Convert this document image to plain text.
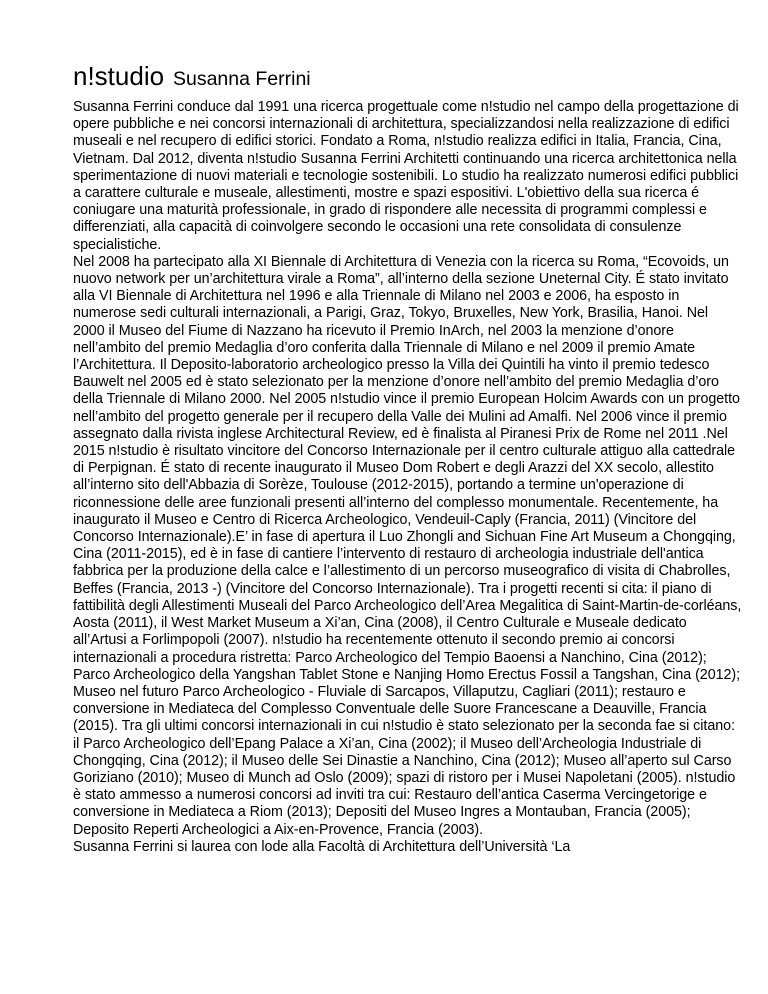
n!studio Susanna Ferrini

Susanna Ferrini conduce dal 1991 una ricerca progettuale come n!studio nel campo della progettazione di opere pubbliche e nei concorsi internazionali di architettura, specializzandosi nella realizzazione di edifici museali e nel recupero di edifici storici. Fondato a Roma, n!studio realizza edifici in Italia, Francia, Cina, Vietnam. Dal 2012, diventa n!studio Susanna Ferrini Architetti continuando una ricerca architettonica nella sperimentazione di nuovi materiali e tecnologie sostenibili. Lo studio ha realizzato numerosi edifici pubblici a carattere culturale e museale, allestimenti, mostre e spazi espositivi. L'obiettivo della sua ricerca é coniugare una maturità professionale, in grado di rispondere alle necessita di programmi complessi e differenziati, alla capacità di coinvolgere secondo le occasioni una rete consolidata di consulenze specialistiche.

Nel 2008 ha partecipato alla XI Biennale di Architettura di Venezia con la ricerca su Roma, “Ecovoids, un nuovo network per un’architettura virale a Roma”, all’interno della sezione Uneternal City. É stato invitato alla VI Biennale di Architettura nel 1996 e alla Triennale di Milano nel 2003 e 2006, ha esposto in numerose sedi culturali internazionali, a Parigi, Graz, Tokyo, Bruxelles, New York, Brasilia, Hanoi. Nel 2000 il Museo del Fiume di Nazzano ha ricevuto il Premio InArch, nel 2003 la menzione d’onore nell’ambito del premio Medaglia d’oro conferita dalla Triennale di Milano e nel 2009 il premio Amate l’Architettura. Il Deposito-laboratorio archeologico presso la Villa dei Quintili ha vinto il premio tedesco Bauwelt nel 2005 ed è stato selezionato per la menzione d’onore nell’ambito del premio Medaglia d’oro della Triennale di Milano 2000. Nel 2005 n!studio vince il premio European Holcim Awards con un progetto nell’ambito del progetto generale per il recupero della Valle dei Mulini ad Amalfi. Nel 2006 vince il premio assegnato dalla rivista inglese Architectural Review, ed è finalista al Piranesi Prix de Rome nel 2011 .Nel 2015 n!studio è risultato vincitore del Concorso Internazionale per il centro culturale attiguo alla cattedrale di Perpignan. É stato di recente inaugurato il Museo Dom Robert e degli Arazzi del XX secolo, allestito all’interno sito dell'Abbazia di Sorèze, Toulouse (2012-2015), portando a termine un'operazione di riconnessione delle aree funzionali presenti all’interno del complesso monumentale. Recentemente, ha inaugurato il Museo e Centro di Ricerca Archeologico, Vendeuil-Caply (Francia, 2011) (Vincitore del Concorso Internazionale).E’ in fase di apertura il Luo Zhongli and Sichuan Fine Art Museum a Chongqing, Cina (2011-2015), ed è in fase di cantiere l’intervento di restauro di archeologia industriale dell'antica fabbrica per la produzione della calce e l’allestimento di un percorso museografico di visita di Chabrolles, Beffes (Francia, 2013 -) (Vincitore del Concorso Internazionale). Tra i progetti recenti si cita: il piano di fattibilità degli Allestimenti Museali del Parco Archeologico dell’Area Megalitica di Saint-Martin-de-corléans, Aosta (2011), il West Market Museum a Xi’an, Cina (2008), il Centro Culturale e Museale dedicato all’Artusi a Forlimpopoli (2007). n!studio ha recentemente ottenuto il secondo premio ai concorsi internazionali a procedura ristretta: Parco Archeologico del Tempio Baoensi a Nanchino, Cina (2012); Parco Archeologico della Yangshan Tablet Stone e Nanjing Homo Erectus Fossil a Tangshan, Cina (2012); Museo nel futuro Parco Archeologico - Fluviale di Sarcapos, Villaputzu, Cagliari (2011); restauro e conversione in Mediateca del Complesso Conventuale delle Suore Francescane a Deauville, Francia (2015). Tra gli ultimi concorsi internazionali in cui n!studio è stato selezionato per la seconda fae si citano: il Parco Archeologico dell’Epang Palace a Xi’an, Cina (2002); il Museo dell’Archeologia Industriale di Chongqing, Cina (2012); il Museo delle Sei Dinastie a Nanchino, Cina (2012); Museo all’aperto sul Carso Goriziano (2010); Museo di Munch ad Oslo (2009); spazi di ristoro per i Musei Napoletani (2005). n!studio è stato ammesso a numerosi concorsi ad inviti tra cui: Restauro dell’antica Caserma Vercingetorige e conversione in Mediateca a Riom (2013); Depositi del Museo Ingres a Montauban, Francia (2005); Deposito Reperti Archeologici a Aix-en-Provence, Francia (2003).

Susanna Ferrini si laurea con lode alla Facoltà di Architettura dell’Università ‘La
